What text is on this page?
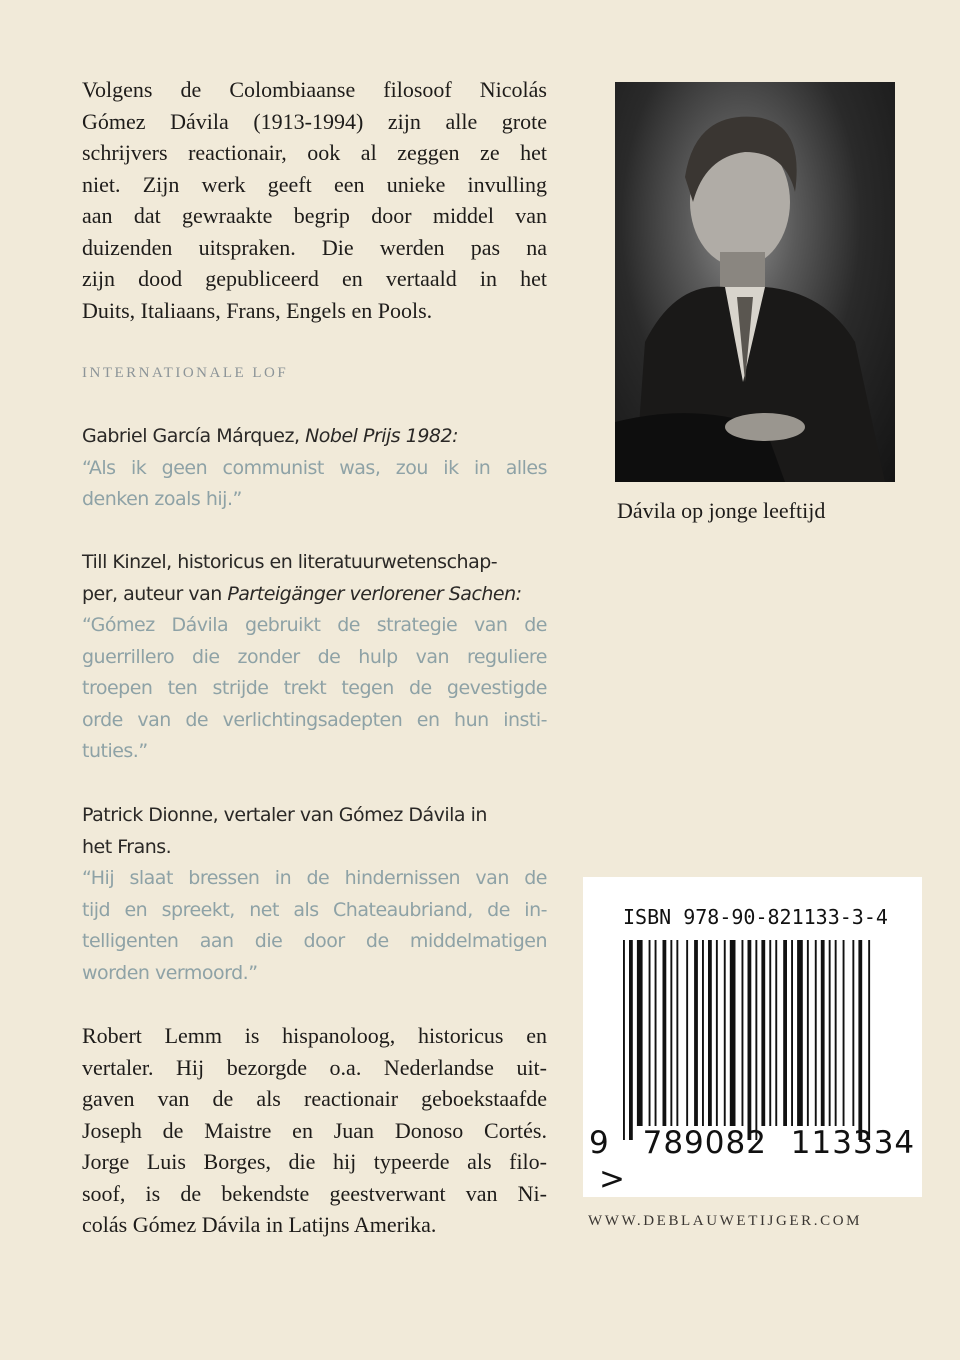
Volgens de Colombiaanse filosoof Nicolás
Gómez Dávila (1913-1994) zijn alle grote
schrijvers reactionair, ook al zeggen ze het
niet. Zijn werk geeft een unieke invulling
aan dat gewraakte begrip door middel van
duizenden uitspraken. Die werden pas na
zijn dood gepubliceerd en vertaald in het
Duits, Italiaans, Frans, Engels en Pools.
INTERNATIONALE LOF
Gabriel García Márquez, Nobel Prijs 1982:
“Als ik geen communist was, zou ik in alles
denken zoals hij.”
Till Kinzel, historicus en literatuurwetenschap-
per, auteur van Parteigänger verlorener Sachen:
“Gómez Dávila gebruikt de strategie van de
guerrillero die zonder de hulp van reguliere
troepen ten strijde trekt tegen de gevestigde
orde van de verlichtingsadepten en hun insti-
tuties.”
Patrick Dionne, vertaler van Gómez Dávila in
het Frans.
“Hij slaat bressen in de hindernissen van de
tijd en spreekt, net als Chateaubriand, de in-
telligenten aan die door de middelmatigen
worden vermoord.”
Robert Lemm is hispanoloog, historicus en
vertaler. Hij bezorgde o.a. Nederlandse uit-
gaven van de als reactionair geboekstaafde
Joseph de Maistre en Juan Donoso Cortés.
Jorge Luis Borges, die hij typeerde als filo-
soof, is de bekendste geestverwant van Ni-
colás Gómez Dávila in Latijns Amerika.
Dávila op jonge leeftijd
ISBN 978-90-821133-3-4
9 789082 113334 >
WWW.DEBLAUWETIJGER.COM
